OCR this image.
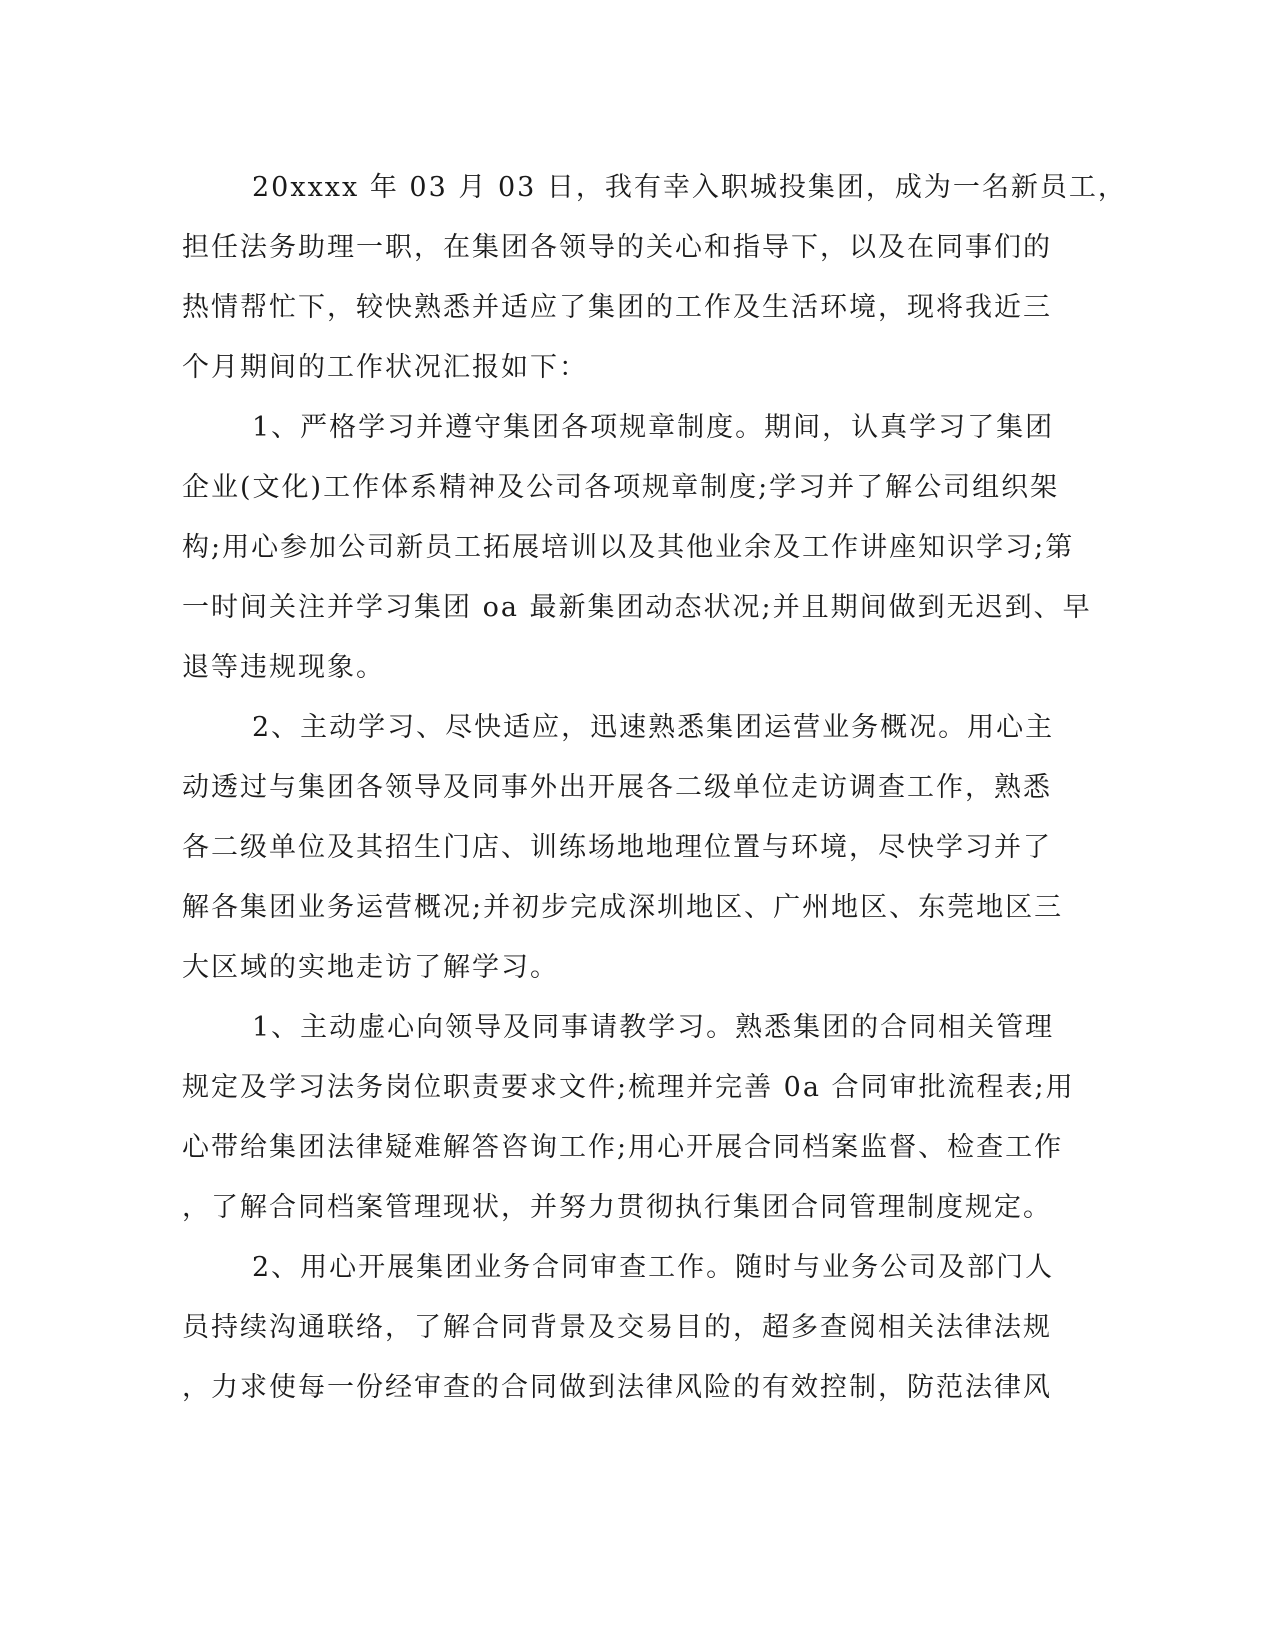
20xxxx 年 03 月 03 日，我有幸入职城投集团，成为一名新员工，
担任法务助理一职，在集团各领导的关心和指导下，以及在同事们的
热情帮忙下，较快熟悉并适应了集团的工作及生活环境，现将我近三
个月期间的工作状况汇报如下：
1、严格学习并遵守集团各项规章制度。期间，认真学习了集团
企业(文化)工作体系精神及公司各项规章制度;学习并了解公司组织架
构;用心参加公司新员工拓展培训以及其他业余及工作讲座知识学习;第
一时间关注并学习集团 oa 最新集团动态状况;并且期间做到无迟到、早
退等违规现象。
2、主动学习、尽快适应，迅速熟悉集团运营业务概况。用心主
动透过与集团各领导及同事外出开展各二级单位走访调查工作，熟悉
各二级单位及其招生门店、训练场地地理位置与环境，尽快学习并了
解各集团业务运营概况;并初步完成深圳地区、广州地区、东莞地区三
大区域的实地走访了解学习。
1、主动虚心向领导及同事请教学习。熟悉集团的合同相关管理
规定及学习法务岗位职责要求文件;梳理并完善 0a 合同审批流程表;用
心带给集团法律疑难解答咨询工作;用心开展合同档案监督、检查工作
，了解合同档案管理现状，并努力贯彻执行集团合同管理制度规定。
2、用心开展集团业务合同审查工作。随时与业务公司及部门人
员持续沟通联络，了解合同背景及交易目的，超多查阅相关法律法规
，力求使每一份经审查的合同做到法律风险的有效控制，防范法律风
